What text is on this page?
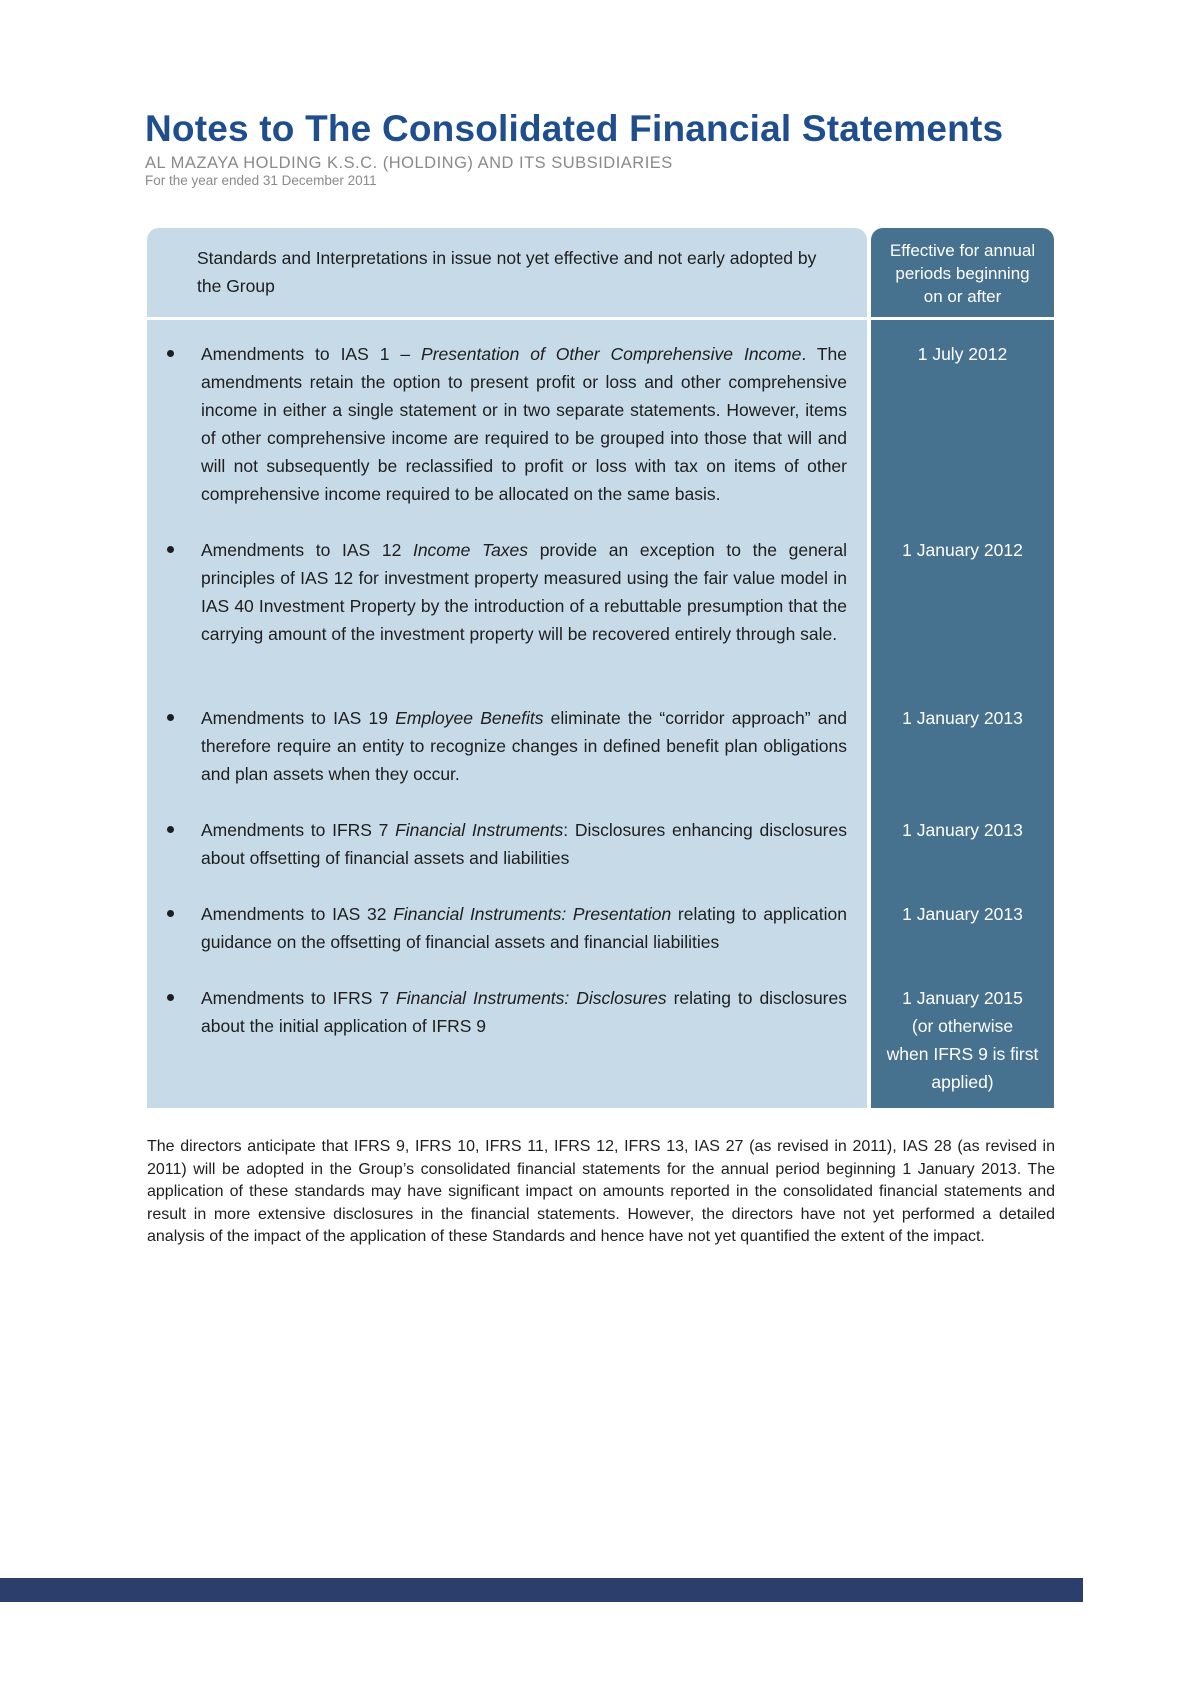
Notes to The Consolidated Financial Statements
AL MAZAYA HOLDING K.S.C. (HOLDING) AND ITS SUBSIDIARIES
For the year ended 31 December 2011
Standards and Interpretations in issue not yet effective and not early adopted by the Group
Effective for annual
periods beginning
on or after
Amendments to IAS 1 – Presentation of Other Comprehensive Income. The amendments retain the option to present profit or loss and other comprehensive income in either a single statement or in two separate statements. However, items of other comprehensive income are required to be grouped into those that will and will not subsequently be reclassified to profit or loss with tax on items of other comprehensive income required to be allocated on the same basis.
Amendments to IAS 12 Income Taxes provide an exception to the general principles of IAS 12 for investment property measured using the fair value model in IAS 40 Investment Property by the introduction of a rebuttable presumption that the carrying amount of the investment property will be recovered entirely through sale.
Amendments to IAS 19 Employee Benefits eliminate the “corridor approach” and therefore require an entity to recognize changes in defined benefit plan obligations and plan assets when they occur.
Amendments to IFRS 7 Financial Instruments: Disclosures enhancing disclosures about offsetting of financial assets and liabilities
Amendments to IAS 32 Financial Instruments: Presentation relating to application guidance on the offsetting of financial assets and financial liabilities
Amendments to IFRS 7 Financial Instruments: Disclosures relating to disclosures about the initial application of IFRS 9
1 July 2012
1 January 2012
1 January 2013
1 January 2013
1 January 2013
1 January 2015
(or otherwise
when IFRS 9 is first
applied)

The directors anticipate that IFRS 9, IFRS 10, IFRS 11, IFRS 12, IFRS 13, IAS 27 (as revised in 2011), IAS 28 (as revised in 2011) will be adopted in the Group’s consolidated financial statements for the annual period beginning 1 January 2013. The application of these standards may have significant impact on amounts reported in the consolidated financial statements and result in more extensive disclosures in the financial statements. However, the directors have not yet performed a detailed analysis of the impact of the application of these Standards and hence have not yet quantified the extent of the impact.
